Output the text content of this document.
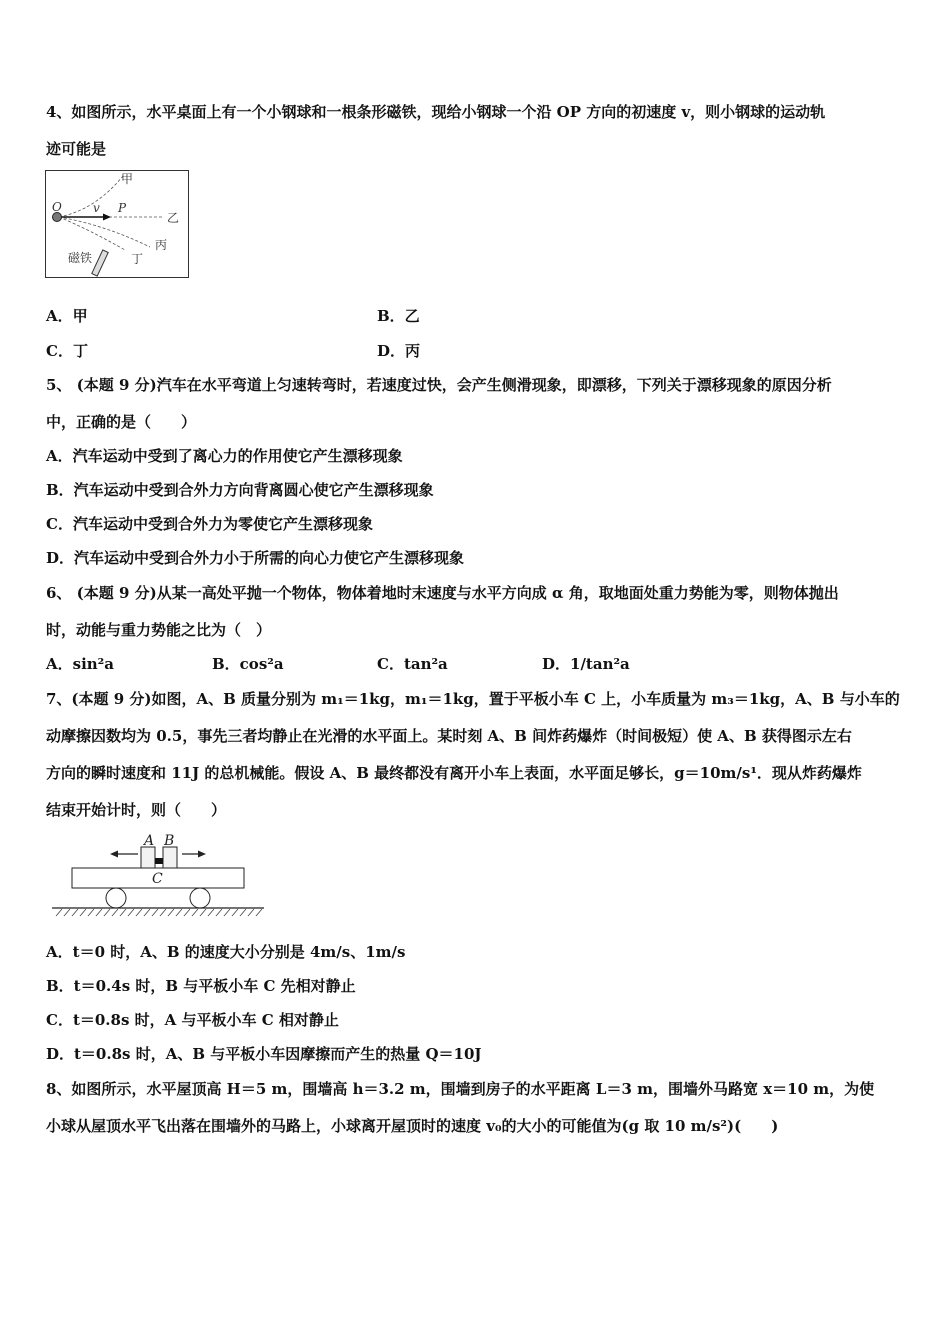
4、如图所示，水平桌面上有一个小钢球和一根条形磁铁，现给小钢球一个沿 OP 方向的初速度 v，则小钢球的运动轨
迹可能是
甲
O	v P
乙
丙
丁
磁铁
A．甲	B．乙
C．丁	D．丙
5、 (本题 9 分)汽车在水平弯道上匀速转弯时，若速度过快，会产生侧滑现象，即漂移，下列关于漂移现象的原因分析
中，正确的是（　　）
A．汽车运动中受到了离心力的作用使它产生漂移现象
B．汽车运动中受到合外力方向背离圆心使它产生漂移现象
C．汽车运动中受到合外力为零使它产生漂移现象
D．汽车运动中受到合外力小于所需的向心力使它产生漂移现象
6、 (本题 9 分)从某一高处平抛一个物体，物体着地时末速度与水平方向成 α 角，取地面处重力势能为零，则物体抛出
时，动能与重力势能之比为（　）
A．sin²a	B．cos²a	C．tan²a	D．1/tan²a
7、(本题 9 分)如图，A、B 质量分别为 m₁＝1kg，m₁＝1kg，置于平板小车 C 上，小车质量为 m₃＝1kg，A、B 与小车的
动摩擦因数均为 0.5，事先三者均静止在光滑的水平面上。某时刻 A、B 间炸药爆炸（时间极短）使 A、B 获得图示左右
方向的瞬时速度和 11J 的总机械能。假设 A、B 最终都没有离开小车上表面，水平面足够长，g＝10m/s¹．现从炸药爆炸
结束开始计时，则（　　）
A B
C
A．t＝0 时，A、B 的速度大小分别是 4m/s、1m/s
B．t＝0.4s 时，B 与平板小车 C 先相对静止
C．t＝0.8s 时，A 与平板小车 C 相对静止
D．t＝0.8s 时，A、B 与平板小车因摩擦而产生的热量 Q＝10J
8、如图所示，水平屋顶高 H＝5 m，围墙高 h＝3.2 m，围墙到房子的水平距离 L＝3 m，围墙外马路宽 x＝10 m，为使
小球从屋顶水平飞出落在围墙外的马路上，小球离开屋顶时的速度 v₀的大小的可能值为(g 取 10 m/s²)(　　)
